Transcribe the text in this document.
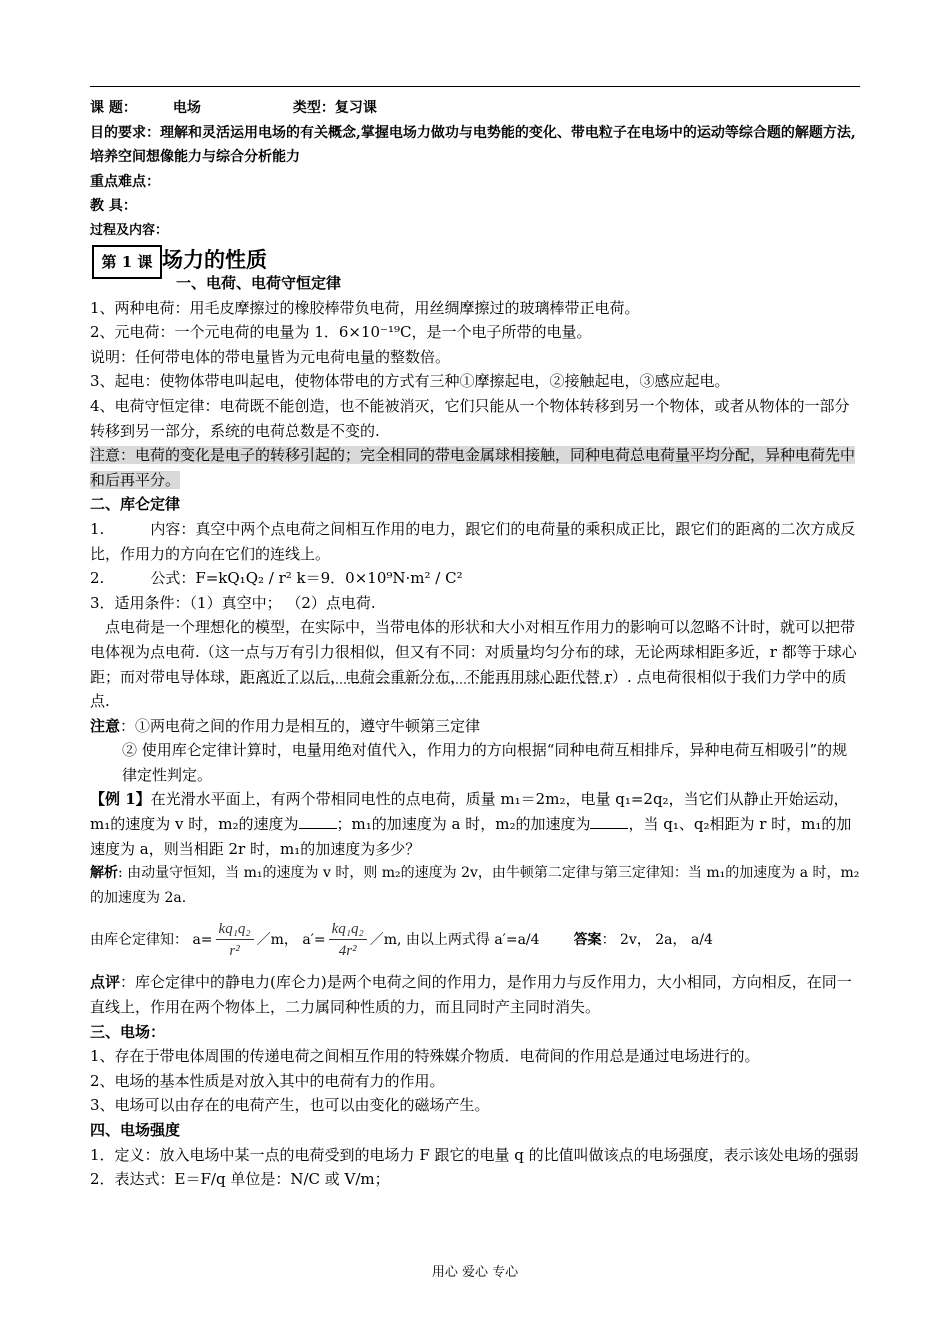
课 题：	电场	类型：复习课
目的要求：理解和灵活运用电场的有关概念,掌握电场力做功与电势能的变化、带电粒子在电场中的运动等综合题的解题方法,培养空间想像能力与综合分析能力
重点难点：
教 具：
过程及内容：
第 1 课 场力的性质

一、电荷、电荷守恒定律

1、两种电荷：用毛皮摩擦过的橡胶棒带负电荷，用丝绸摩擦过的玻璃棒带正电荷。

2、元电荷：一个元电荷的电量为 1．6×10⁻¹⁹C，是一个电子所带的电量。

说明：任何带电体的带电量皆为元电荷电量的整数倍。

3、起电：使物体带电叫起电，使物体带电的方式有三种①摩擦起电，②接触起电，③感应起电。

4、电荷守恒定律：电荷既不能创造，也不能被消灭，它们只能从一个物体转移到另一个物体，或者从物体的一部分转移到另一部分，系统的电荷总数是不变的.

注意：电荷的变化是电子的转移引起的；完全相同的带电金属球相接触，同种电荷总电荷量平均分配，异种电荷先中和后再平分。

二、库仑定律

1.	内容：真空中两个点电荷之间相互作用的电力，跟它们的电荷量的乘积成正比，跟它们的距离的二次方成反比，作用力的方向在它们的连线上。

2.	公式：F=kQ₁Q₂ / r² k＝9．0×10⁹N·m² / C²

3．适用条件：（1）真空中； （2）点电荷.

点电荷是一个理想化的模型，在实际中，当带电体的形状和大小对相互作用力的影响可以忽略不计时，就可以把带电体视为点电荷.（这一点与万有引力很相似，但又有不同：对质量均匀分布的球，无论两球相距多近，r 都等于球心距；而对带电导体球，距离近了以后，电荷会重新分布，不能再用球心距代替 r）. 点电荷很相似于我们力学中的质点.

注意：①两电荷之间的作用力是相互的，遵守牛顿第三定律

② 使用库仑定律计算时，电量用绝对值代入，作用力的方向根据“同种电荷互相排斥，异种电荷互相吸引”的规律定性判定。

【例 1】在光滑水平面上，有两个带相同电性的点电荷，质量 m₁＝2m₂，电量 q₁=2q₂，当它们从静止开始运动，m₁的速度为 v 时，m₂的速度为	；m₁的加速度为 a 时，m₂的加速度为	，当 q₁、q₂相距为 r 时，m₁的加速度为 a，则当相距 2r 时，m₁的加速度为多少？

解析: 由动量守恒知，当 m₁的速度为 v 时，则 m₂的速度为 2v，由牛顿第二定律与第三定律知：当 m₁的加速度为 a 时，m₂的加速度为 2a.

由库仑定律知： $a= \frac{\text{kq₁q₂}}{\text{r²}}$ ／m， $a'= \frac{\text{kq₁q₂}}{\text{4r²}}$ ／m, 由以上两式得 a′=a/4 答案 ： 2v， 2a， a/4

点评：库仑定律中的静电力(库仑力)是两个电荷之间的作用力，是作用力与反作用力，大小相同，方向相反，在同一直线上，作用在两个物体上，二力属同种性质的力，而且同时产主同时消失。

三、电场：

1、存在于带电体周围的传递电荷之间相互作用的特殊媒介物质．电荷间的作用总是通过电场进行的。

2、电场的基本性质是对放入其中的电荷有力的作用。

3、电场可以由存在的电荷产生，也可以由变化的磁场产生。

四、电场强度

1．定义：放入电场中某一点的电荷受到的电场力 F 跟它的电量 q 的比值叫做该点的电场强度，表示该处电场的强弱

2．表达式：E＝F/q 单位是：N/C 或 V/m；

用心 爱心 专心
